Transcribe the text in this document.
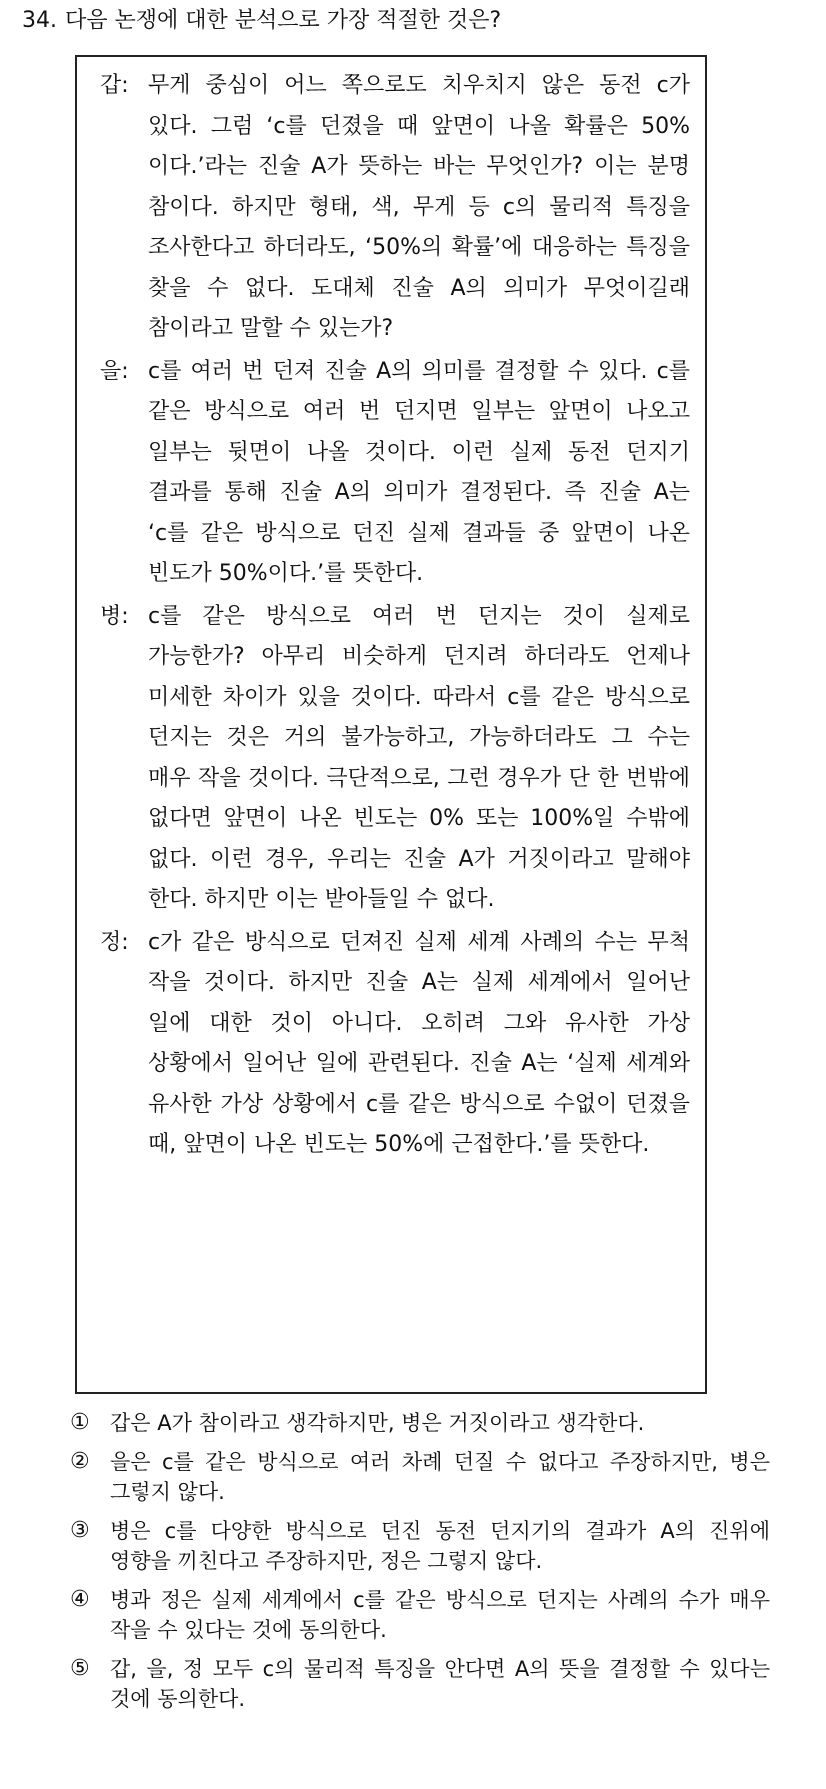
34. 다음 논쟁에 대한 분석으로 가장 적절한 것은?
갑: 무게 중심이 어느 쪽으로도 치우치지 않은 동전 c가 있다. 그럼 ‘c를 던졌을 때 앞면이 나올 확률은 50%이다.’라는 진술 A가 뜻하는 바는 무엇인가? 이는 분명 참이다. 하지만 형태, 색, 무게 등 c의 물리적 특징을 조사한다고 하더라도, ‘50%의 확률’에 대응하는 특징을 찾을 수 없다. 도대체 진술 A의 의미가 무엇이길래 참이라고 말할 수 있는가?
을: c를 여러 번 던져 진술 A의 의미를 결정할 수 있다. c를 같은 방식으로 여러 번 던지면 일부는 앞면이 나오고 일부는 뒷면이 나올 것이다. 이런 실제 동전 던지기 결과를 통해 진술 A의 의미가 결정된다. 즉 진술 A는 ‘c를 같은 방식으로 던진 실제 결과들 중 앞면이 나온 빈도가 50%이다.’를 뜻한다.
병: c를 같은 방식으로 여러 번 던지는 것이 실제로 가능한가? 아무리 비슷하게 던지려 하더라도 언제나 미세한 차이가 있을 것이다. 따라서 c를 같은 방식으로 던지는 것은 거의 불가능하고, 가능하더라도 그 수는 매우 작을 것이다. 극단적으로, 그런 경우가 단 한 번밖에 없다면 앞면이 나온 빈도는 0% 또는 100%일 수밖에 없다. 이런 경우, 우리는 진술 A가 거짓이라고 말해야 한다. 하지만 이는 받아들일 수 없다.
정: c가 같은 방식으로 던져진 실제 세계 사례의 수는 무척 작을 것이다. 하지만 진술 A는 실제 세계에서 일어난 일에 대한 것이 아니다. 오히려 그와 유사한 가상 상황에서 일어난 일에 관련된다. 진술 A는 ‘실제 세계와 유사한 가상 상황에서 c를 같은 방식으로 수없이 던졌을 때, 앞면이 나온 빈도는 50%에 근접한다.’를 뜻한다.
① 갑은 A가 참이라고 생각하지만, 병은 거짓이라고 생각한다.
② 을은 c를 같은 방식으로 여러 차례 던질 수 없다고 주장하지만, 병은 그렇지 않다.
③ 병은 c를 다양한 방식으로 던진 동전 던지기의 결과가 A의 진위에 영향을 끼친다고 주장하지만, 정은 그렇지 않다.
④ 병과 정은 실제 세계에서 c를 같은 방식으로 던지는 사례의 수가 매우 작을 수 있다는 것에 동의한다.
⑤ 갑, 을, 정 모두 c의 물리적 특징을 안다면 A의 뜻을 결정할 수 있다는 것에 동의한다.
